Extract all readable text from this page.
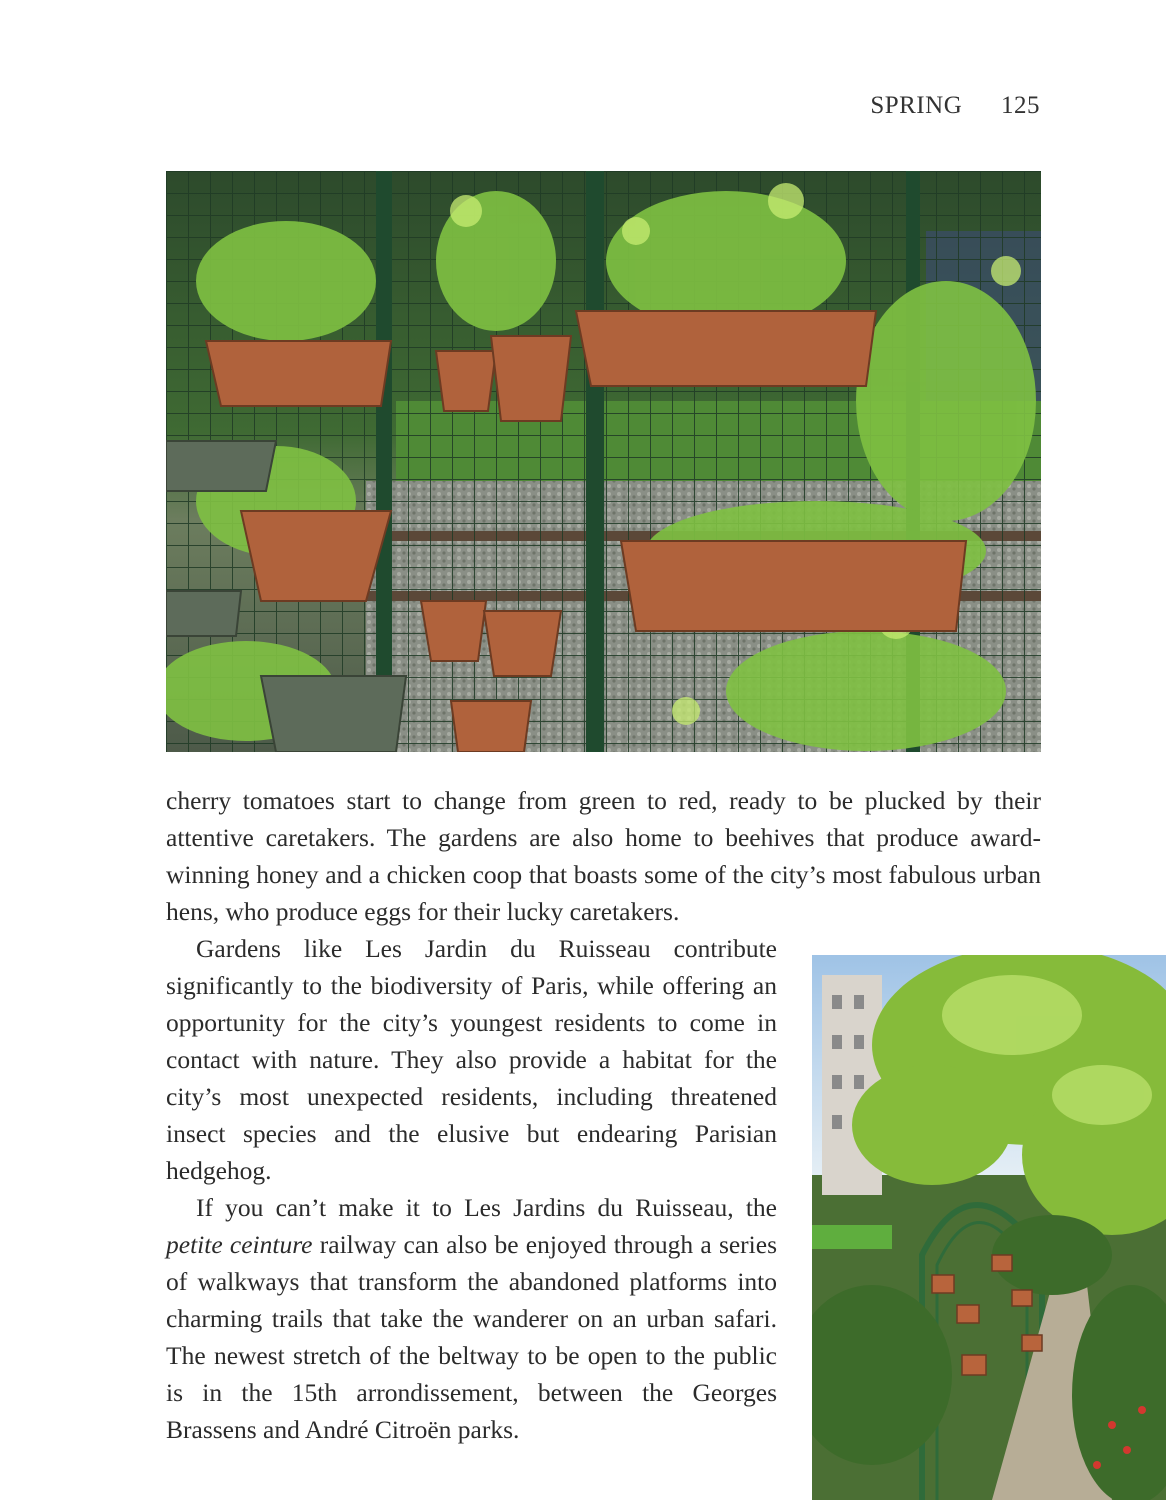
SPRING 125

cherry tomatoes start to change from green to red, ready to be plucked by their attentive caretakers. The gardens are also home to beehives that produce award-winning honey and a chicken coop that boasts some of the city’s most fabulous urban hens, who produce eggs for their lucky caretakers.

Gardens like Les Jardin du Ruisseau contribute significantly to the biodiversity of Paris, while offering an opportunity for the city’s youngest residents to come in contact with nature. They also provide a habitat for the city’s most unexpected residents, including threatened insect species and the elusive but endearing Parisian hedgehog.

If you can’t make it to Les Jardins du Ruisseau, the petite ceinture railway can also be enjoyed through a series of walkways that transform the abandoned platforms into charming trails that take the wanderer on an urban safari. The newest stretch of the beltway to be open to the public is in the 15th arrondissement, between the Georges Brassens and André Citroën parks.
